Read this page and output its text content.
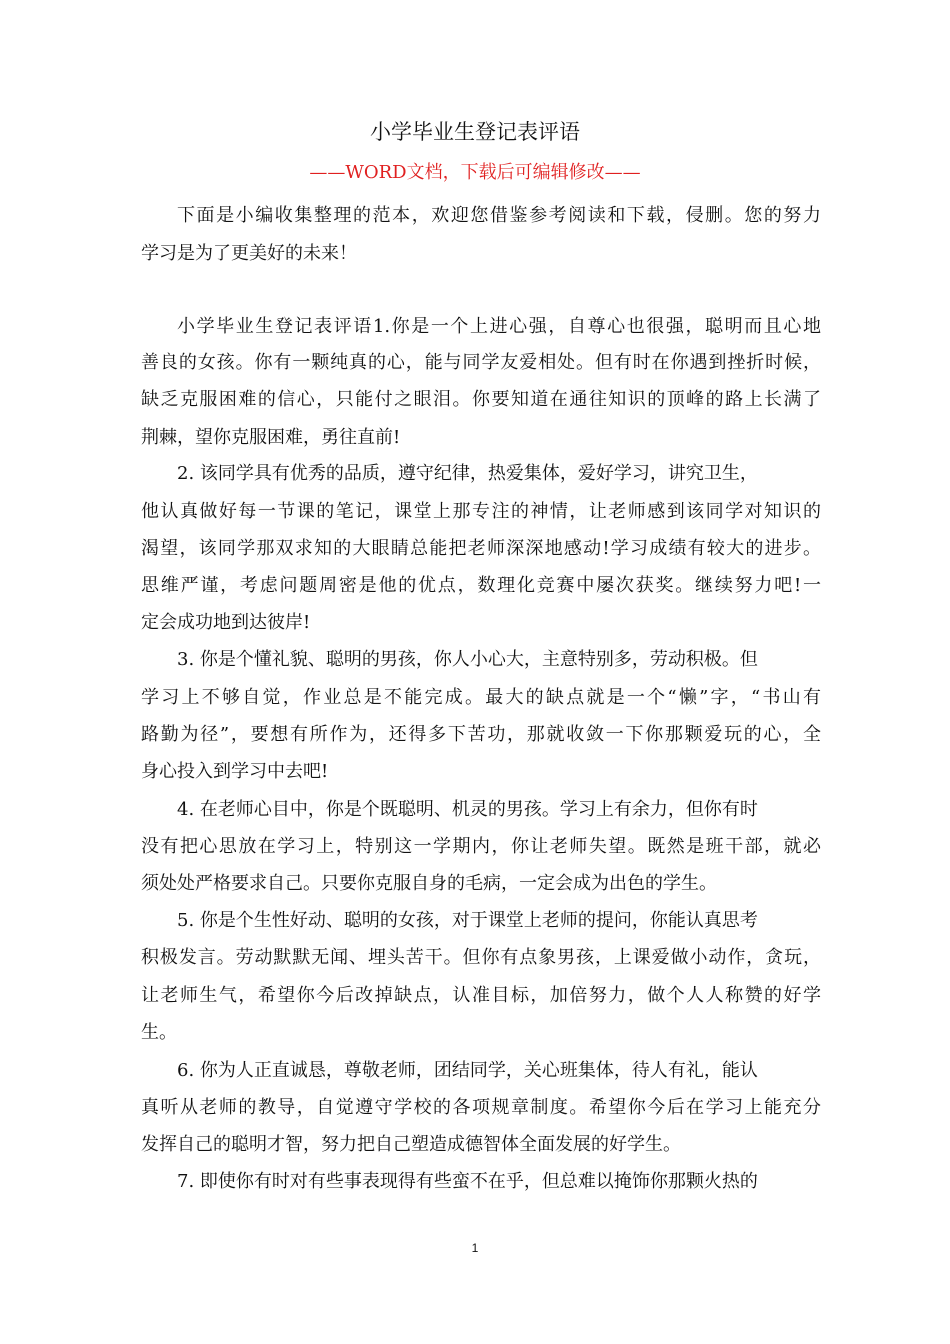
小学毕业生登记表评语
——WORD文档，下载后可编辑修改——
下面是小编收集整理的范本，欢迎您借鉴参考阅读和下载，侵删。您的努力
学习是为了更美好的未来！
小学毕业生登记表评语1.你是一个上进心强，自尊心也很强，聪明而且心地
善良的女孩。你有一颗纯真的心，能与同学友爱相处。但有时在你遇到挫折时候，
缺乏克服困难的信心，只能付之眼泪。你要知道在通往知识的顶峰的路上长满了
荆棘，望你克服困难，勇往直前!
2. 该同学具有优秀的品质，遵守纪律，热爱集体，爱好学习，讲究卫生，
他认真做好每一节课的笔记，课堂上那专注的神情，让老师感到该同学对知识的
渴望，该同学那双求知的大眼睛总能把老师深深地感动!学习成绩有较大的进步。
思维严谨，考虑问题周密是他的优点，数理化竞赛中屡次获奖。继续努力吧!一
定会成功地到达彼岸!
3. 你是个懂礼貌、聪明的男孩，你人小心大，主意特别多，劳动积极。但
学习上不够自觉，作业总是不能完成。最大的缺点就是一个“懒”字，“书山有
路勤为径”，要想有所作为，还得多下苦功，那就收敛一下你那颗爱玩的心，全
身心投入到学习中去吧!
4. 在老师心目中，你是个既聪明、机灵的男孩。学习上有余力，但你有时
没有把心思放在学习上，特别这一学期内，你让老师失望。既然是班干部，就必
须处处严格要求自己。只要你克服自身的毛病，一定会成为出色的学生。
5. 你是个生性好动、聪明的女孩，对于课堂上老师的提问，你能认真思考
积极发言。劳动默默无闻、埋头苦干。但你有点象男孩，上课爱做小动作，贪玩，
让老师生气，希望你今后改掉缺点，认准目标，加倍努力，做个人人称赞的好学
生。
6. 你为人正直诚恳，尊敬老师，团结同学，关心班集体，待人有礼，能认
真听从老师的教导，自觉遵守学校的各项规章制度。希望你今后在学习上能充分
发挥自己的聪明才智，努力把自己塑造成德智体全面发展的好学生。
7. 即使你有时对有些事表现得有些蛮不在乎，但总难以掩饰你那颗火热的
1
